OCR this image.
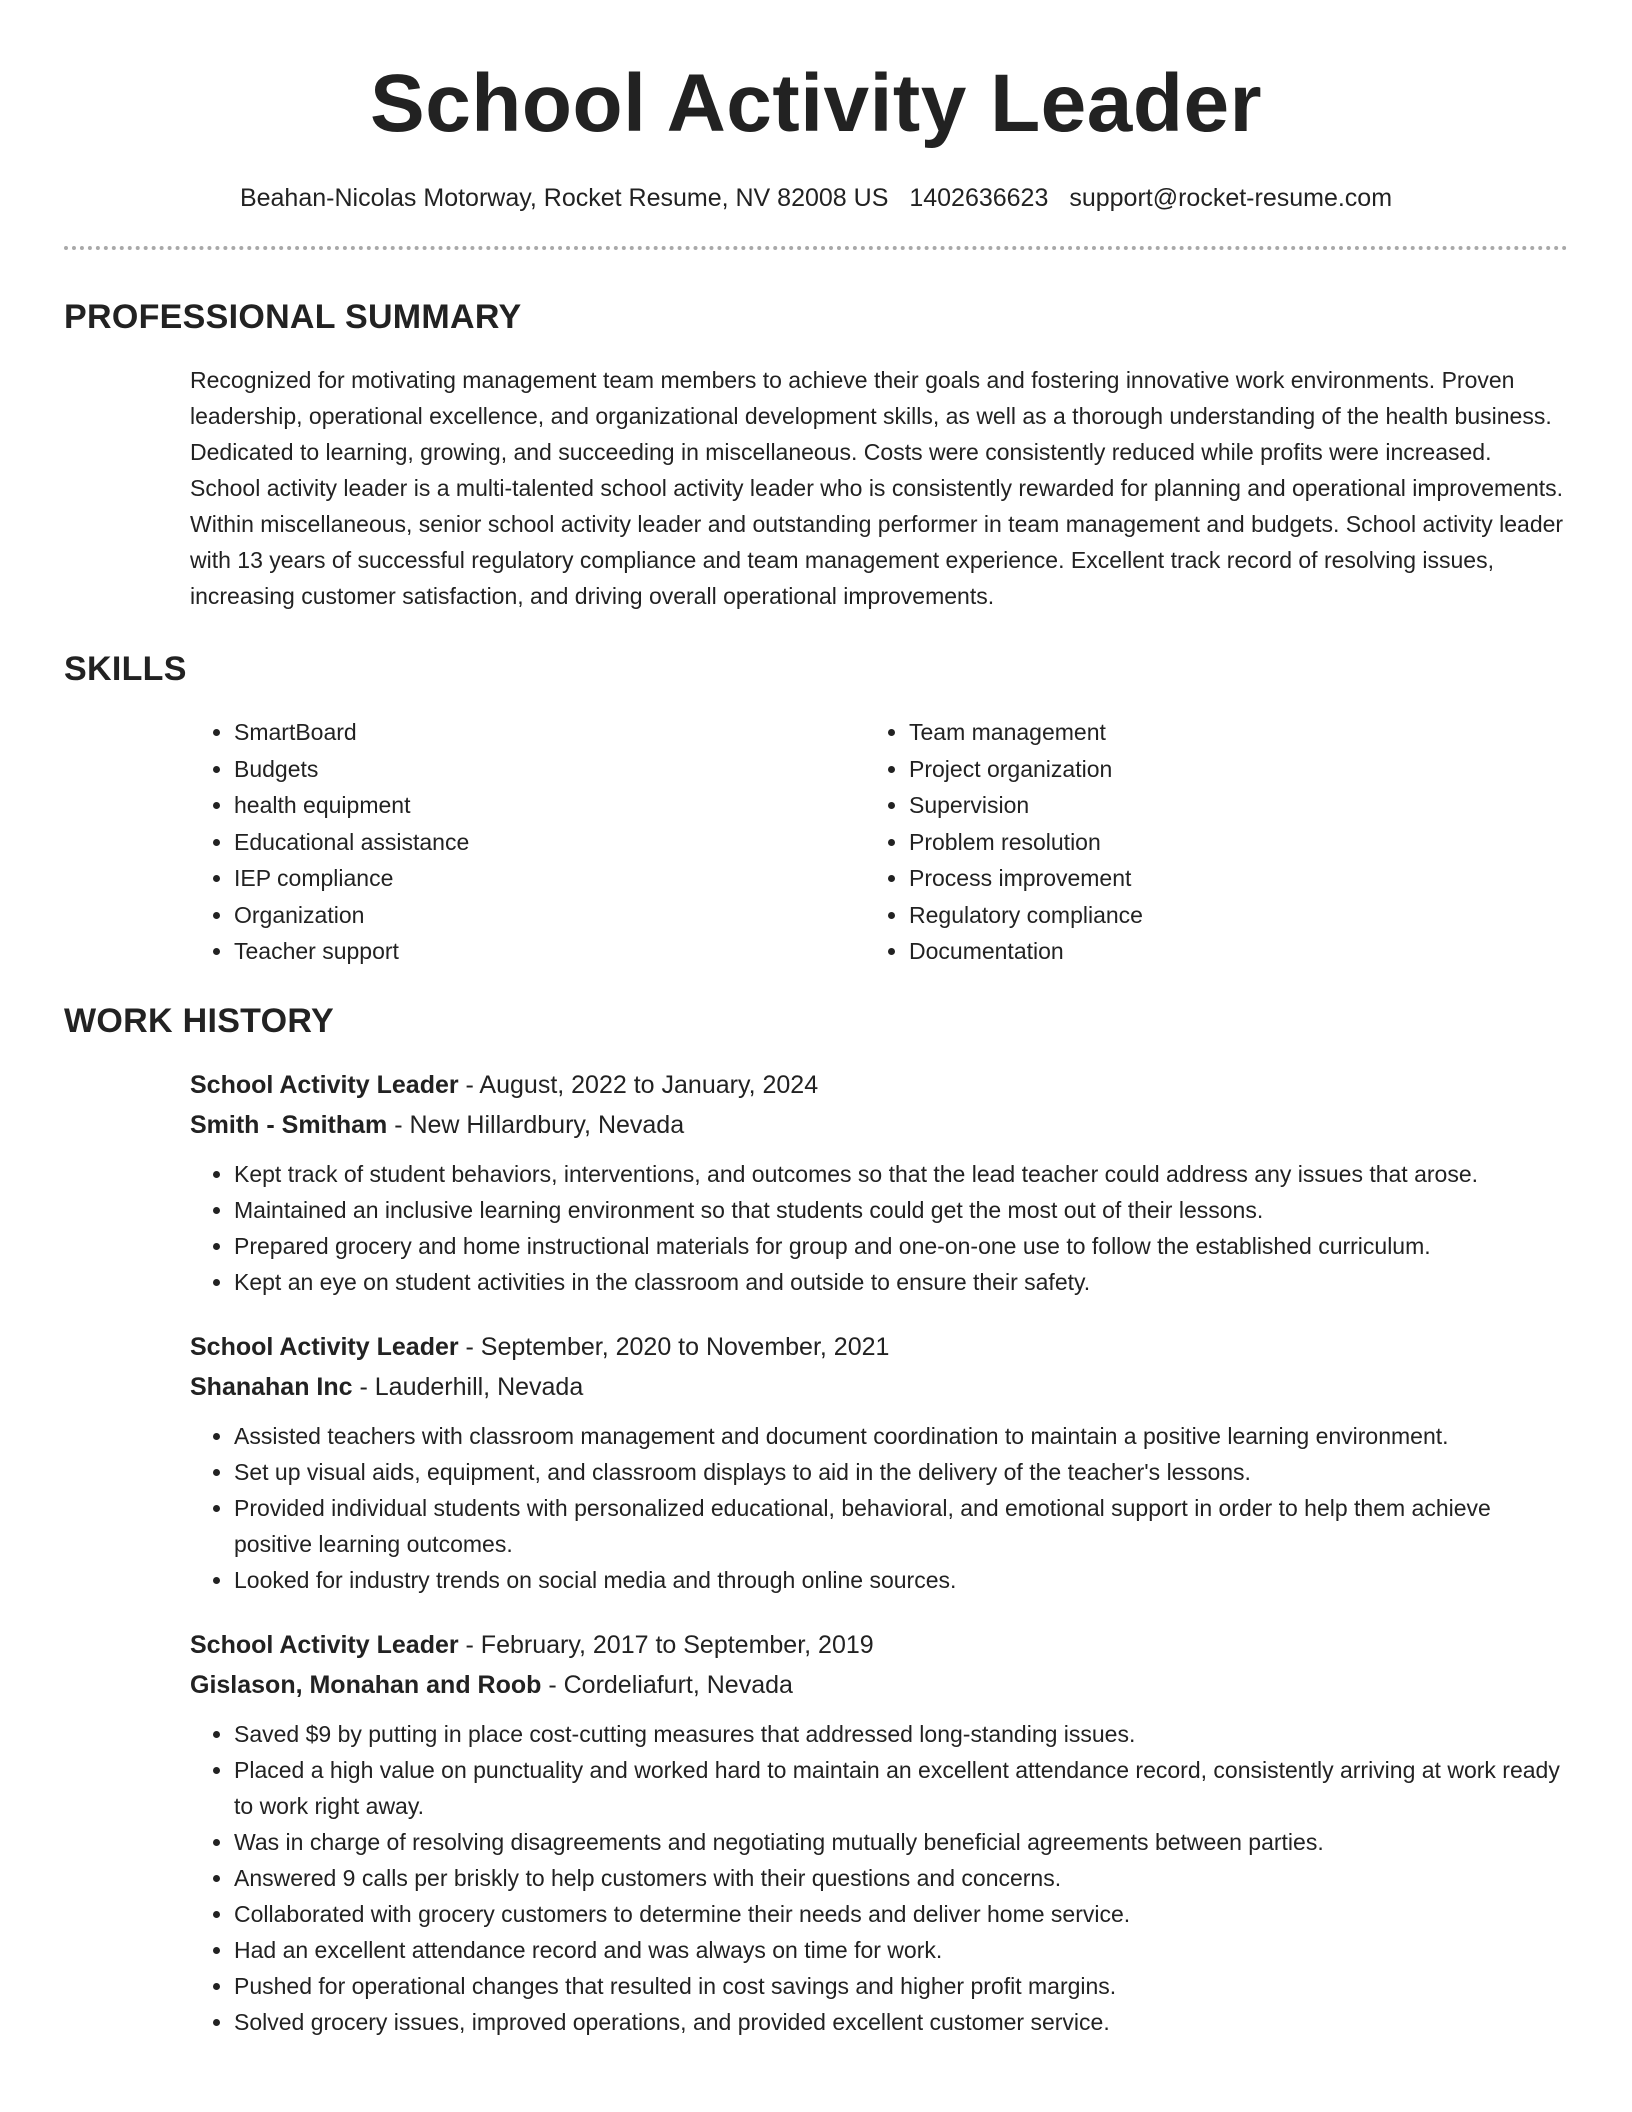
School Activity Leader
Beahan-Nicolas Motorway, Rocket Resume, NV 82008 US 1402636623 support@rocket-resume.com
PROFESSIONAL SUMMARY

Recognized for motivating management team members to achieve their goals and fostering innovative work environments. Proven leadership, operational excellence, and organizational development skills, as well as a thorough understanding of the health business. Dedicated to learning, growing, and succeeding in miscellaneous. Costs were consistently reduced while profits were increased. School activity leader is a multi-talented school activity leader who is consistently rewarded for planning and operational improvements. Within miscellaneous, senior school activity leader and outstanding performer in team management and budgets. School activity leader with 13 years of successful regulatory compliance and team management experience. Excellent track record of resolving issues, increasing customer satisfaction, and driving overall operational improvements.

SKILLS
• SmartBoard
• Budgets
• health equipment
• Educational assistance
• IEP compliance
• Organization
• Teacher support
• Team management
• Project organization
• Supervision
• Problem resolution
• Process improvement
• Regulatory compliance
• Documentation
WORK HISTORY
School Activity Leader - August, 2022 to January, 2024
Smith - Smitham - New Hillardbury, Nevada
• Kept track of student behaviors, interventions, and outcomes so that the lead teacher could address any issues that arose.
• Maintained an inclusive learning environment so that students could get the most out of their lessons.
• Prepared grocery and home instructional materials for group and one-on-one use to follow the established curriculum.
• Kept an eye on student activities in the classroom and outside to ensure their safety.
School Activity Leader - September, 2020 to November, 2021
Shanahan Inc - Lauderhill, Nevada
• Assisted teachers with classroom management and document coordination to maintain a positive learning environment.
• Set up visual aids, equipment, and classroom displays to aid in the delivery of the teacher's lessons.
• Provided individual students with personalized educational, behavioral, and emotional support in order to help them achieve positive learning outcomes.
• Looked for industry trends on social media and through online sources.
School Activity Leader - February, 2017 to September, 2019
Gislason, Monahan and Roob - Cordeliafurt, Nevada
• Saved $9 by putting in place cost-cutting measures that addressed long-standing issues.
• Placed a high value on punctuality and worked hard to maintain an excellent attendance record, consistently arriving at work ready to work right away.
• Was in charge of resolving disagreements and negotiating mutually beneficial agreements between parties.
• Answered 9 calls per briskly to help customers with their questions and concerns.
• Collaborated with grocery customers to determine their needs and deliver home service.
• Had an excellent attendance record and was always on time for work.
• Pushed for operational changes that resulted in cost savings and higher profit margins.
• Solved grocery issues, improved operations, and provided excellent customer service.
